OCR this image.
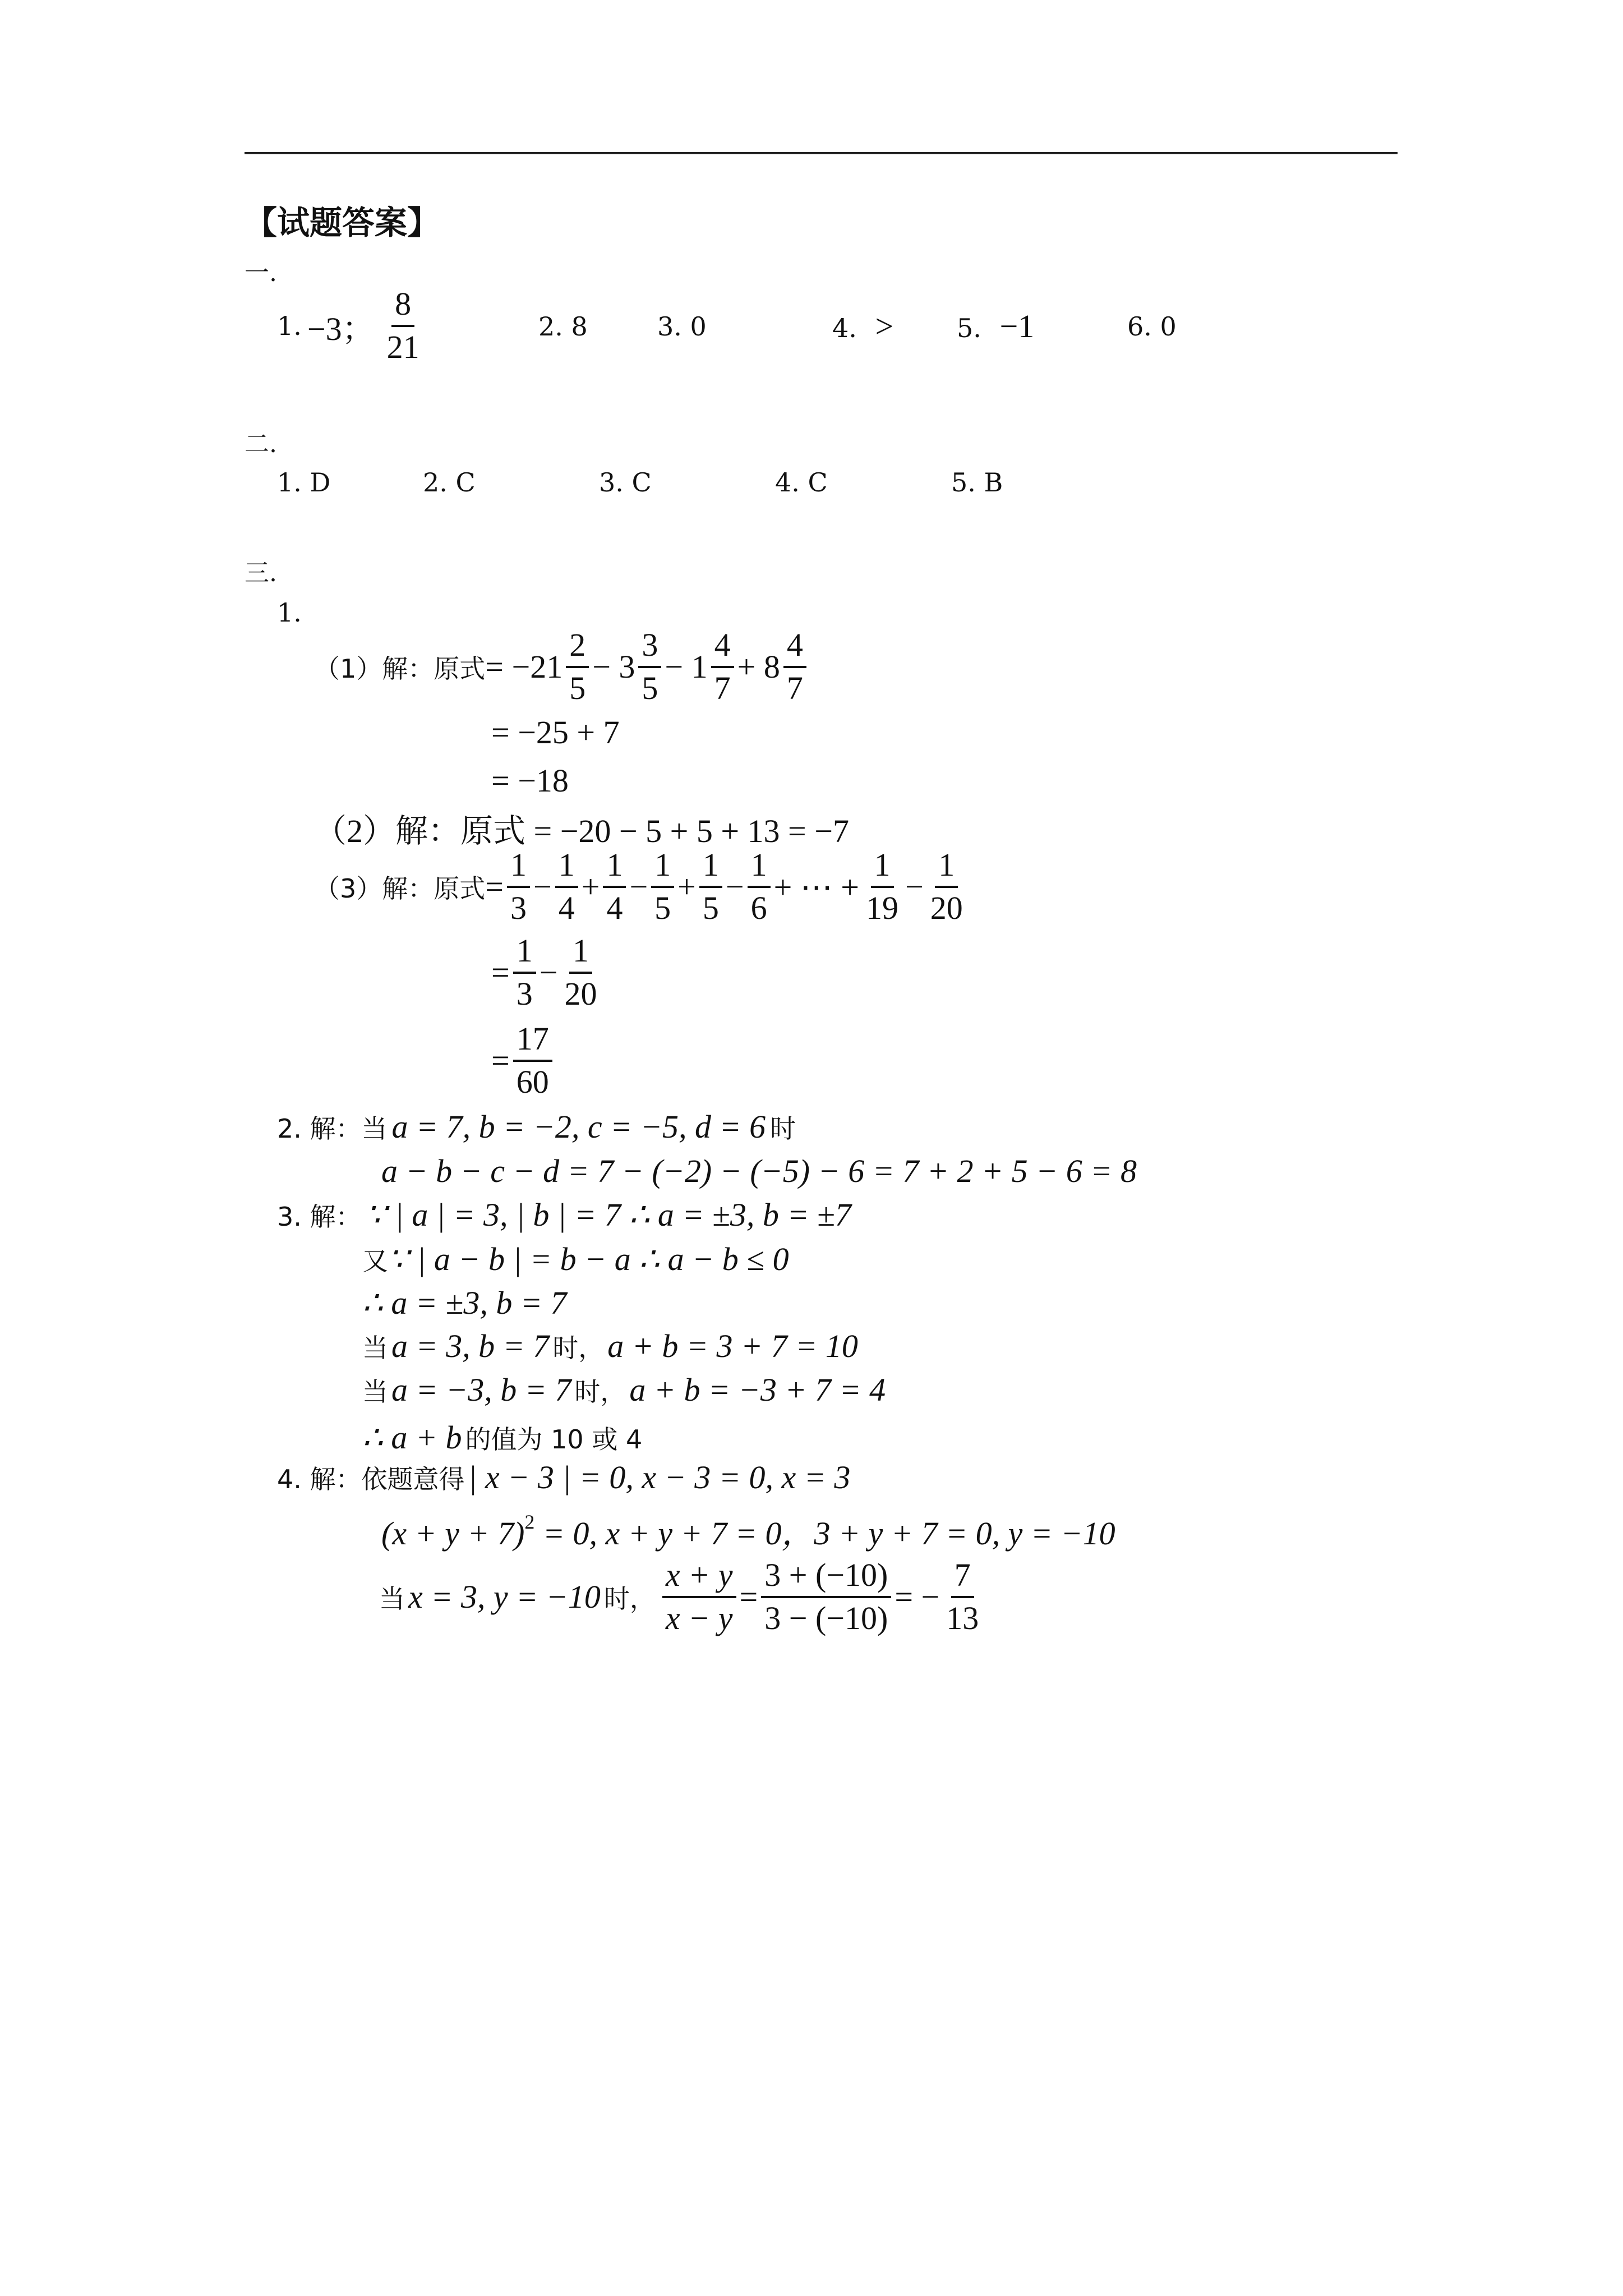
【试题答案】
一.
1. −3； $\frac{8}{21}$	2. 8	3. 0	4. > 5. −1	6. 0
二.
1. D	2. C	3. C	4. C	5. B
三.
1.
（1）解：原式 = $-21 \frac{2}{5} - 3 \frac{3}{5} - 1 \frac{4}{7} + 8 \frac{4}{7}$
= −25 + 7
= −18
（2）解：原式 = −20 − 5 + 5 + 13 = −7
（3）解：原式 = $\frac{1}{3} - \frac{1}{4} + \frac{1}{4} - \frac{1}{5} + \frac{1}{5} - \frac{1}{6}$ + ⋯ + $\frac{1}{19} - \frac{1}{20}$
= $\frac{1}{3} - \frac{1}{20}$
= $\frac{17}{60}$
2. 解：当 a = 7, b = −2, c = −5, d = 6 时
a − b − c − d = 7 − (−2) − (−5) − 6 = 7 + 2 + 5 − 6 = 8
3. 解： ∵ | a | = 3, | b | = 7 ∴ a = ±3, b = ±7
又 ∵ | a − b | = b − a ∴ a − b ≤ 0
∴ a = ±3, b = 7
当 a = 3, b = 7 时， a + b = 3 + 7 = 10
当 a = −3, b = 7 时， a + b = −3 + 7 = 4
∴ a + b 的值为 10 或 4
4. 解：依题意得 | x − 3 | = 0, x − 3 = 0, x = 3
$(x + y + 7)^2 = 0$, x + y + 7 = 0，3 + y + 7 = 0, y = −10
当 x = 3, y = −10 时， $\frac{x + y}{x - y} = \frac{3 + (-10)}{3 - (-10)}$ = − $\frac{7}{13}$
